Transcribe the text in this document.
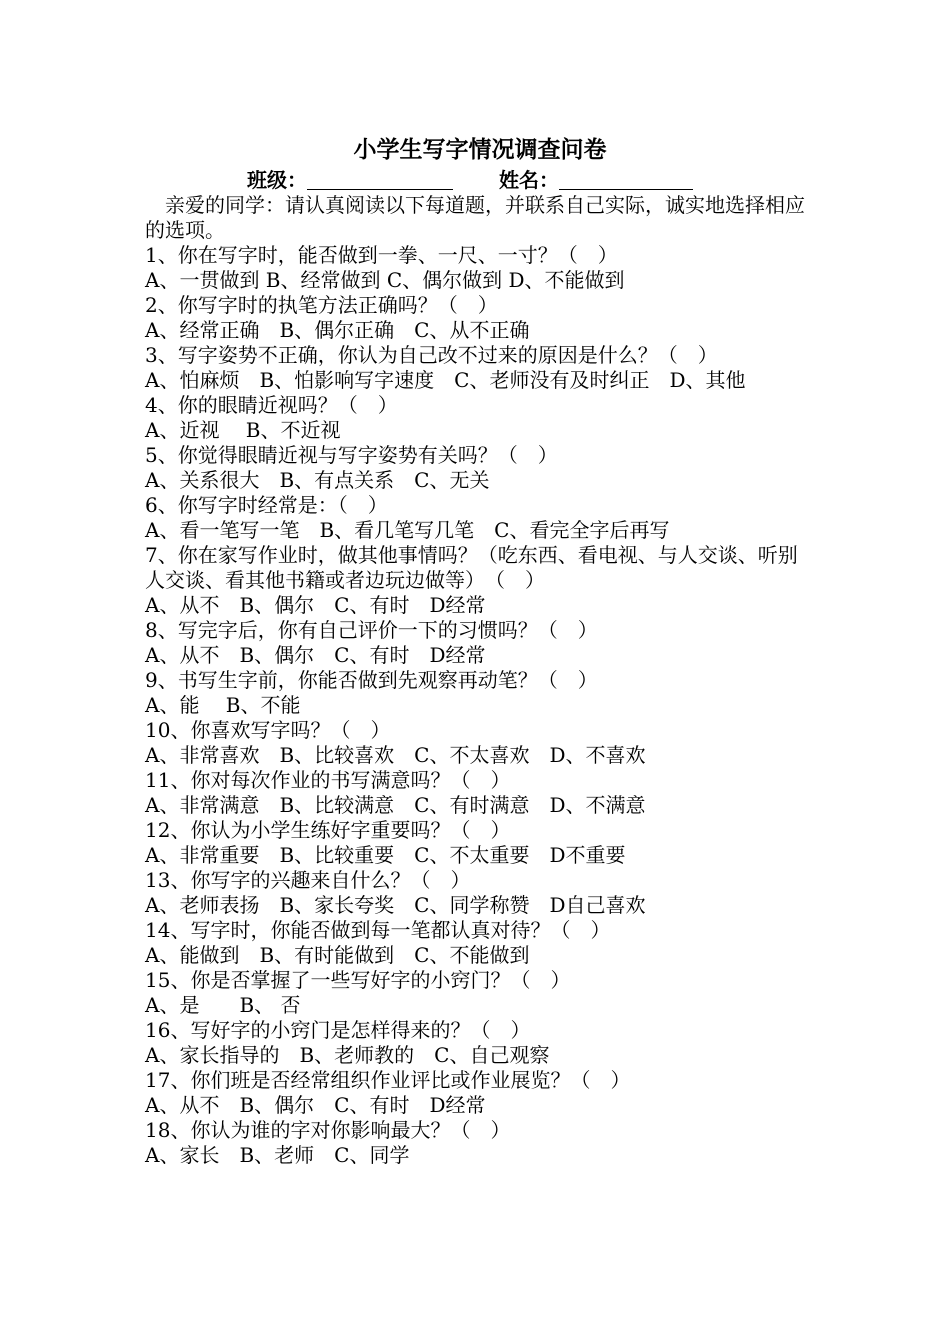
小学生写字情况调查问卷
班级：	姓名：
亲爱的同学：请认真阅读以下每道题，并联系自己实际，诚实地选择相应的选项。
1、你在写字时，能否做到一拳、一尺、一寸？（　）
A、一贯做到 B、经常做到 C、偶尔做到 D、不能做到
2、你写字时的执笔方法正确吗？（　）
A、经常正确　B、偶尔正确　C、从不正确
3、写字姿势不正确，你认为自己改不过来的原因是什么？（　）
A、怕麻烦　B、怕影响写字速度　C、老师没有及时纠正　D、其他
4、你的眼睛近视吗？（　）
A、近视　 B、不近视
5、你觉得眼睛近视与写字姿势有关吗？（　）
A、关系很大　B、有点关系　C、无关
6、你写字时经常是：（　）
A、看一笔写一笔　B、看几笔写几笔　C、看完全字后再写
7、你在家写作业时，做其他事情吗？（吃东西、看电视、与人交谈、听别人交谈、看其他书籍或者边玩边做等）　（　）
A、从不　B、偶尔　C、有时　D经常
8、写完字后，你有自己评价一下的习惯吗？（　）
A、从不　B、偶尔　C、有时　D经常
9、书写生字前，你能否做到先观察再动笔？（　）
A、能　 B、不能
10、你喜欢写字吗？（　）
A、非常喜欢　B、比较喜欢　C、不太喜欢　D、不喜欢
11、你对每次作业的书写满意吗？（　）
A、非常满意　B、比较满意　C、有时满意　D、不满意
12、你认为小学生练好字重要吗？（　）
A、非常重要　B、比较重要　C、不太重要　D不重要
13、你写字的兴趣来自什么？（　）
A、老师表扬　B、家长夸奖　C、同学称赞　D自己喜欢
14、写字时，你能否做到每一笔都认真对待？（　）
A、能做到　B、有时能做到　C、不能做到
15、你是否掌握了一些写好字的小窍门？（　）
A、是　　B、 否
16、写好字的小窍门是怎样得来的？（　）
A、家长指导的　B、老师教的　C、自己观察
17、你们班是否经常组织作业评比或作业展览？（　）
A、从不　B、偶尔　C、有时　D经常
18、你认为谁的字对你影响最大？（　）
A、家长　B、老师　C、同学
